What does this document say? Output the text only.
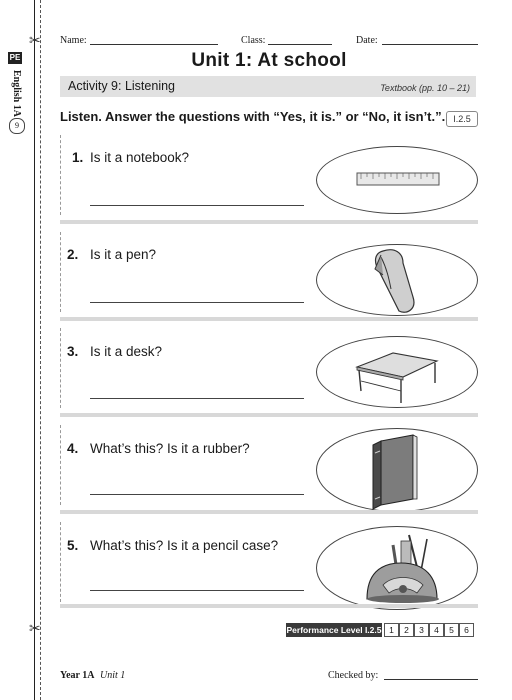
PE
English 1A
9
✂
✂
Name:	Class:	Date:
Unit 1: At school
Activity 9: Listening	Textbook (pp. 10 – 21)
Listen. Answer the questions with “Yes, it is.” or “No, it isn’t.”. I.2.5
1. Is it a notebook?
2. Is it a pen?
3. Is it a desk?
4. What’s this? Is it a rubber?
5. What’s this? Is it a pencil case?
Performance Level I.2.5 1	2	3	4	5	6
Year 1A Unit 1	Checked by:
